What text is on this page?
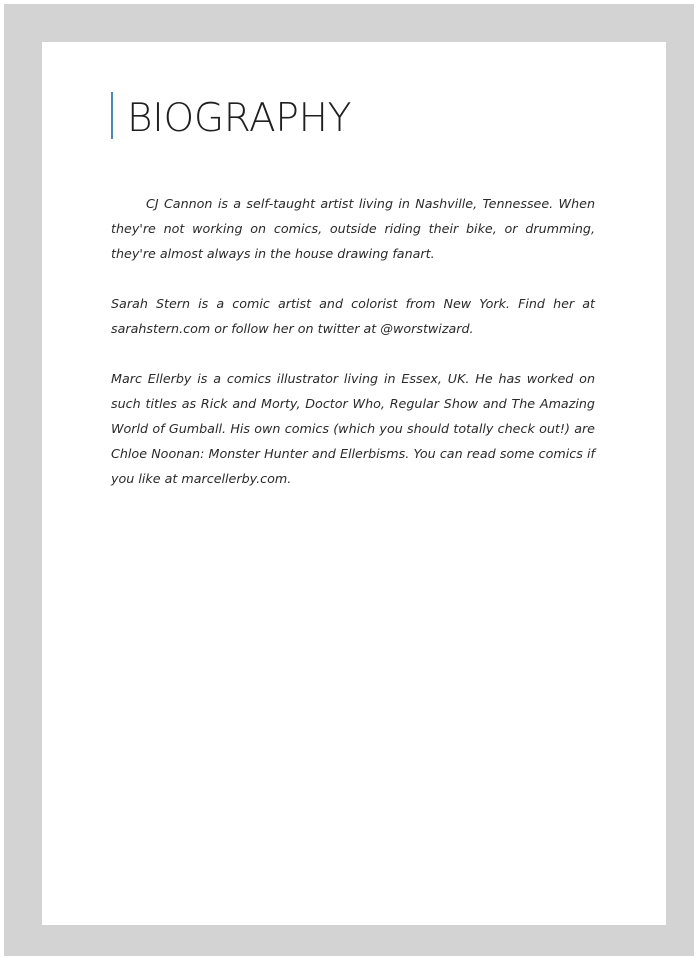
BIOGRAPHY

CJ Cannon is a self-taught artist living in Nashville, Tennessee. When they're not working on comics, outside riding their bike, or drumming, they're almost always in the house drawing fanart.

Sarah Stern is a comic artist and colorist from New York. Find her at sarahstern.com or follow her on twitter at @worstwizard.

Marc Ellerby is a comics illustrator living in Essex, UK. He has worked on such titles as Rick and Morty, Doctor Who, Regular Show and The Amazing World of Gumball. His own comics (which you should totally check out!) are Chloe Noonan: Monster Hunter and Ellerbisms. You can read some comics if you like at marcellerby.com.
